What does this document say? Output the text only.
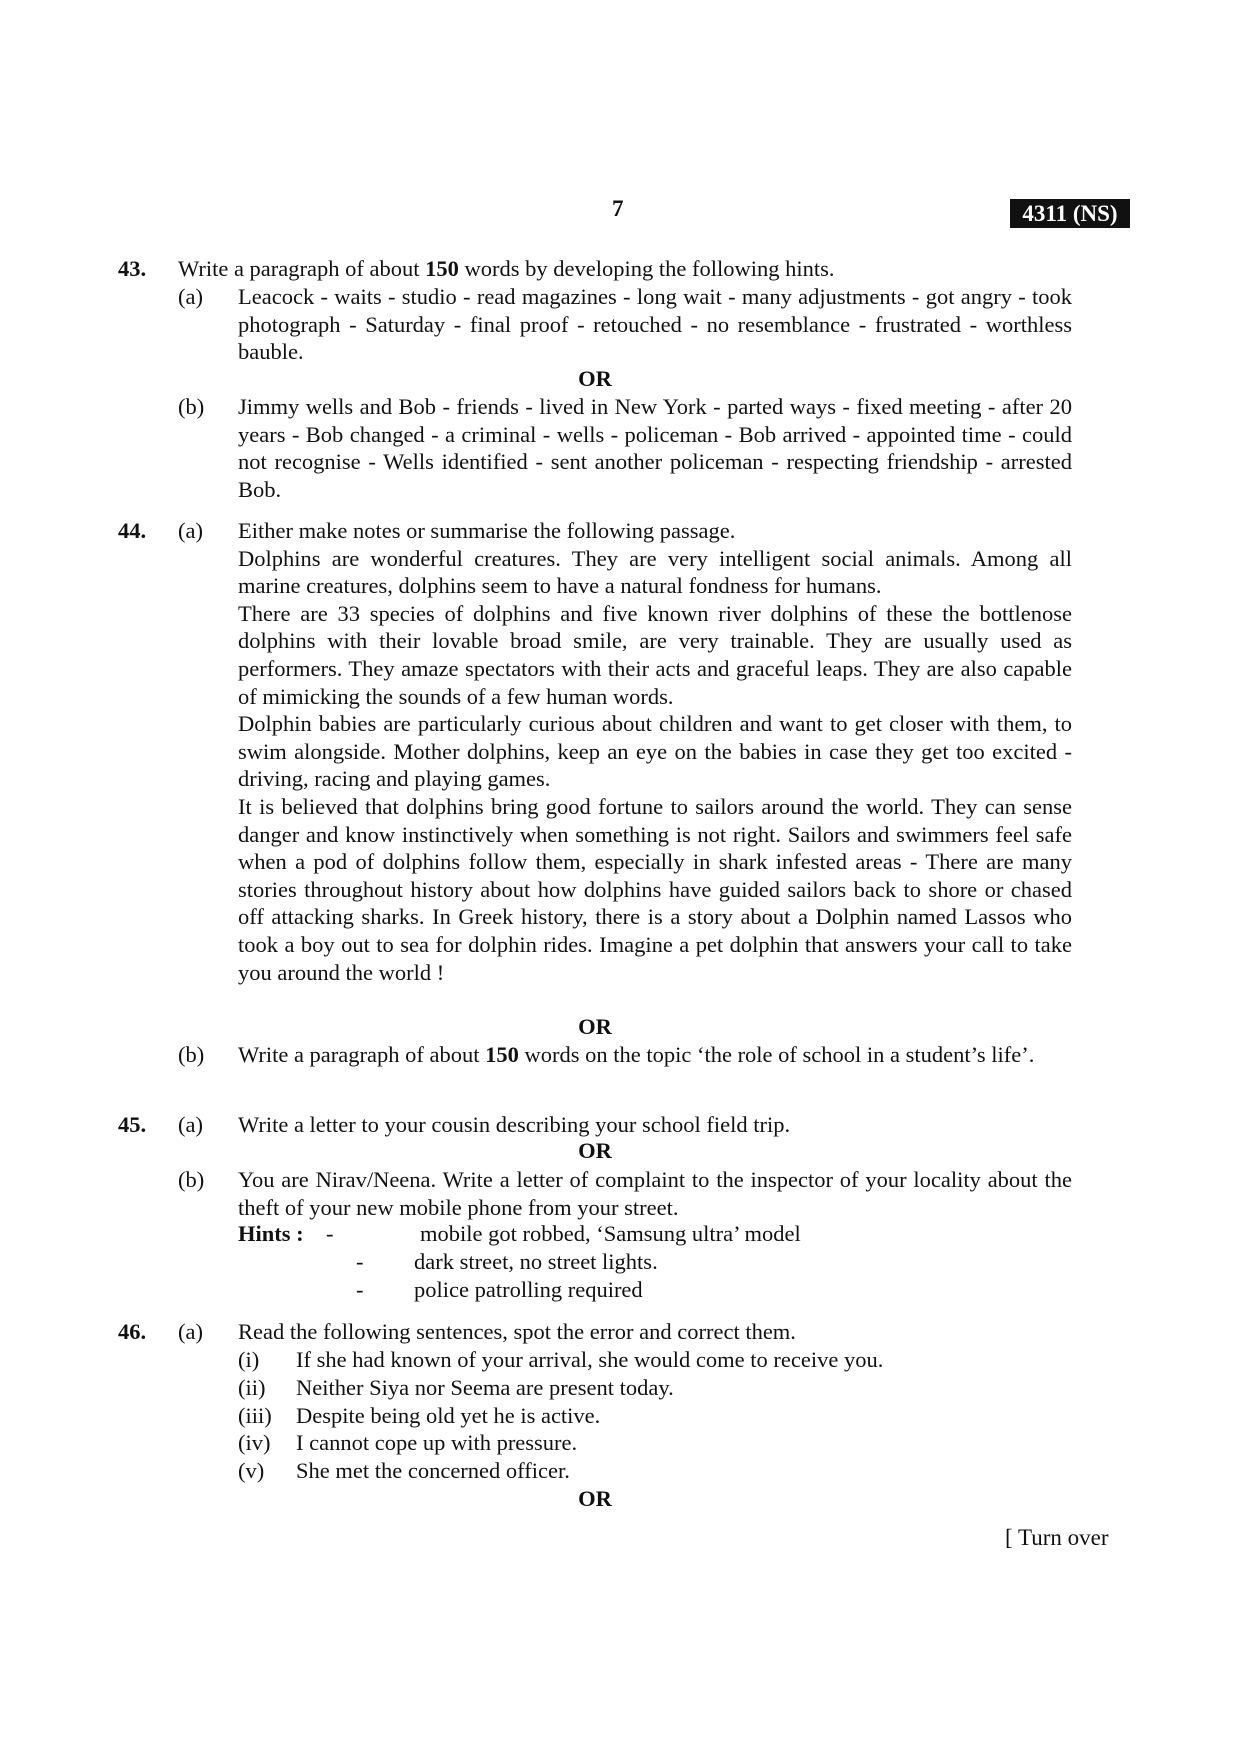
7	4311 (NS)
43. Write a paragraph of about 150 words by developing the following hints.
(a) Leacock - waits - studio - read magazines - long wait - many adjustments - got angry - took photograph - Saturday - final proof - retouched - no resemblance - frustrated - worthless bauble.
OR
(b) Jimmy wells and Bob - friends - lived in New York - parted ways - fixed meeting - after 20 years - Bob changed - a criminal - wells - policeman - Bob arrived - appointed time - could not recognise - Wells identified - sent another policeman - respecting friendship - arrested Bob.
44. (a) Either make notes or summarise the following passage.

Dolphins are wonderful creatures. They are very intelligent social animals. Among all marine creatures, dolphins seem to have a natural fondness for humans.

There are 33 species of dolphins and five known river dolphins of these the bottlenose dolphins with their lovable broad smile, are very trainable. They are usually used as performers. They amaze spectators with their acts and graceful leaps. They are also capable of mimicking the sounds of a few human words.

Dolphin babies are particularly curious about children and want to get closer with them, to swim alongside. Mother dolphins, keep an eye on the babies in case they get too excited - driving, racing and playing games.

It is believed that dolphins bring good fortune to sailors around the world. They can sense danger and know instinctively when something is not right. Sailors and swimmers feel safe when a pod of dolphins follow them, especially in shark infested areas - There are many stories throughout history about how dolphins have guided sailors back to shore or chased off attacking sharks. In Greek history, there is a story about a Dolphin named Lassos who took a boy out to sea for dolphin rides. Imagine a pet dolphin that answers your call to take you around the world !

OR
(b) Write a paragraph of about 150 words on the topic ‘the role of school in a student’s life’.
45. (a) Write a letter to your cousin describing your school field trip.
OR
(b) You are Nirav/Neena. Write a letter of complaint to the inspector of your locality about the theft of your new mobile phone from your street.
Hints : -	mobile got robbed, ‘Samsung ultra’ model
- dark street, no street lights.
- police patrolling required
46. (a) Read the following sentences, spot the error and correct them.
(i) If she had known of your arrival, she would come to receive you.
(ii) Neither Siya nor Seema are present today.
(iii) Despite being old yet he is active.
(iv) I cannot cope up with pressure.
(v) She met the concerned officer.
OR
[ Turn over
